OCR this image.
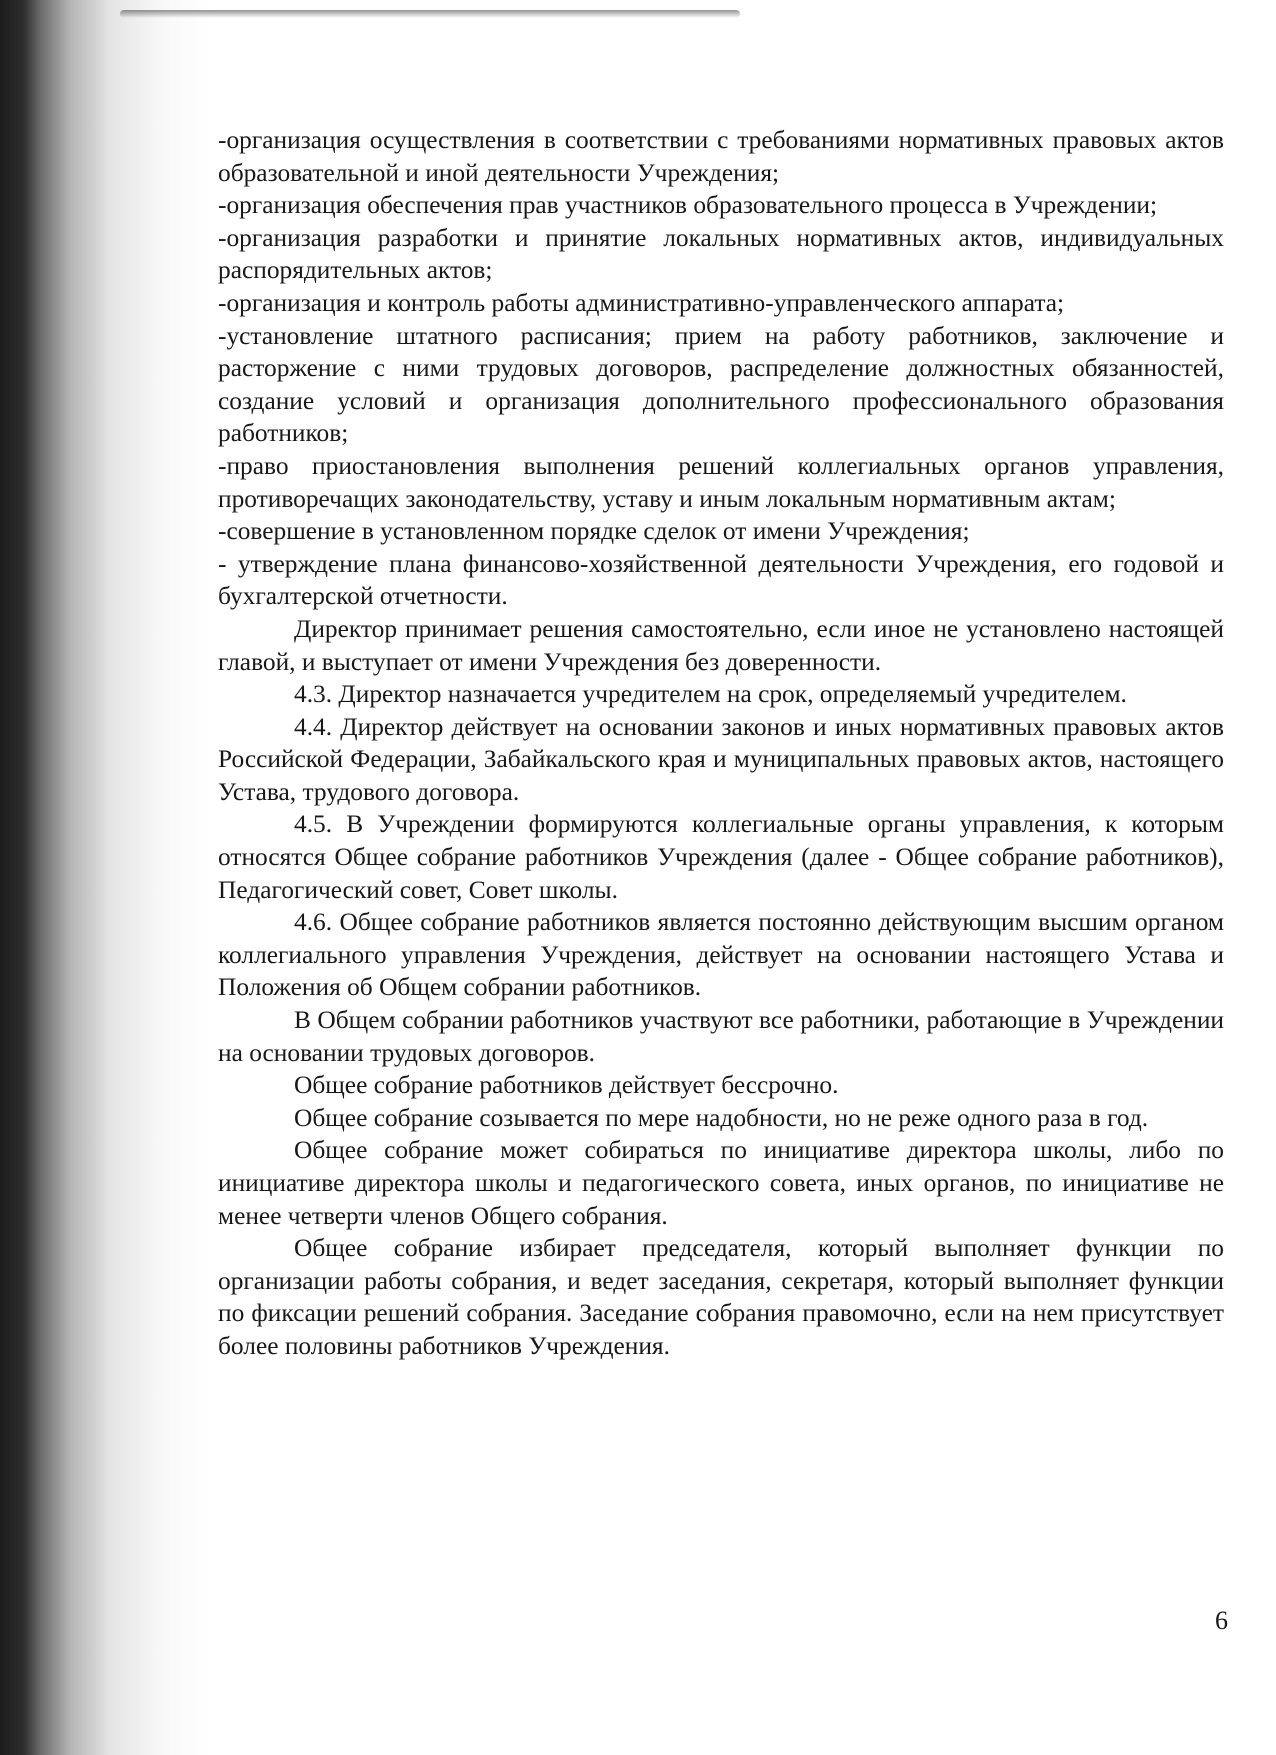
-организация осуществления в соответствии с требованиями нормативных правовых актов образовательной и иной деятельности Учреждения;

-организация обеспечения прав участников образовательного процесса в Учреждении;

-организация разработки и принятие локальных нормативных актов, индивидуальных распорядительных актов;

-организация и контроль работы административно-управленческого аппарата;

-установление штатного расписания; прием на работу работников, заключение и расторжение с ними трудовых договоров, распределение должностных обязанностей, создание условий и организация дополнительного профессионального образования работников;

-право приостановления выполнения решений коллегиальных органов управления, противоречащих законодательству, уставу и иным локальным нормативным актам;

-совершение в установленном порядке сделок от имени Учреждения;

- утверждение плана финансово-хозяйственной деятельности Учреждения, его годовой и бухгалтерской отчетности.

Директор принимает решения самостоятельно, если иное не установлено настоящей главой, и выступает от имени Учреждения без доверенности.

4.3. Директор назначается учредителем на срок, определяемый учредителем.

4.4. Директор действует на основании законов и иных нормативных правовых актов Российской Федерации, Забайкальского края и муниципальных правовых актов, настоящего Устава, трудового договора.

4.5. В Учреждении формируются коллегиальные органы управления, к которым относятся Общее собрание работников Учреждения (далее - Общее собрание работников), Педагогический совет, Совет школы.

4.6. Общее собрание работников является постоянно действующим высшим органом коллегиального управления Учреждения, действует на основании настоящего Устава и Положения об Общем собрании работников.

В Общем собрании работников участвуют все работники, работающие в Учреждении на основании трудовых договоров.

Общее собрание работников действует бессрочно.

Общее собрание созывается по мере надобности, но не реже одного раза в год.

Общее собрание может собираться по инициативе директора школы, либо по инициативе директора школы и педагогического совета, иных органов, по инициативе не менее четверти членов Общего собрания.

Общее собрание избирает председателя, который выполняет функции по организации работы собрания, и ведет заседания, секретаря, который выполняет функции по фиксации решений собрания. Заседание собрания правомочно, если на нем присутствует более половины работников Учреждения.

6
